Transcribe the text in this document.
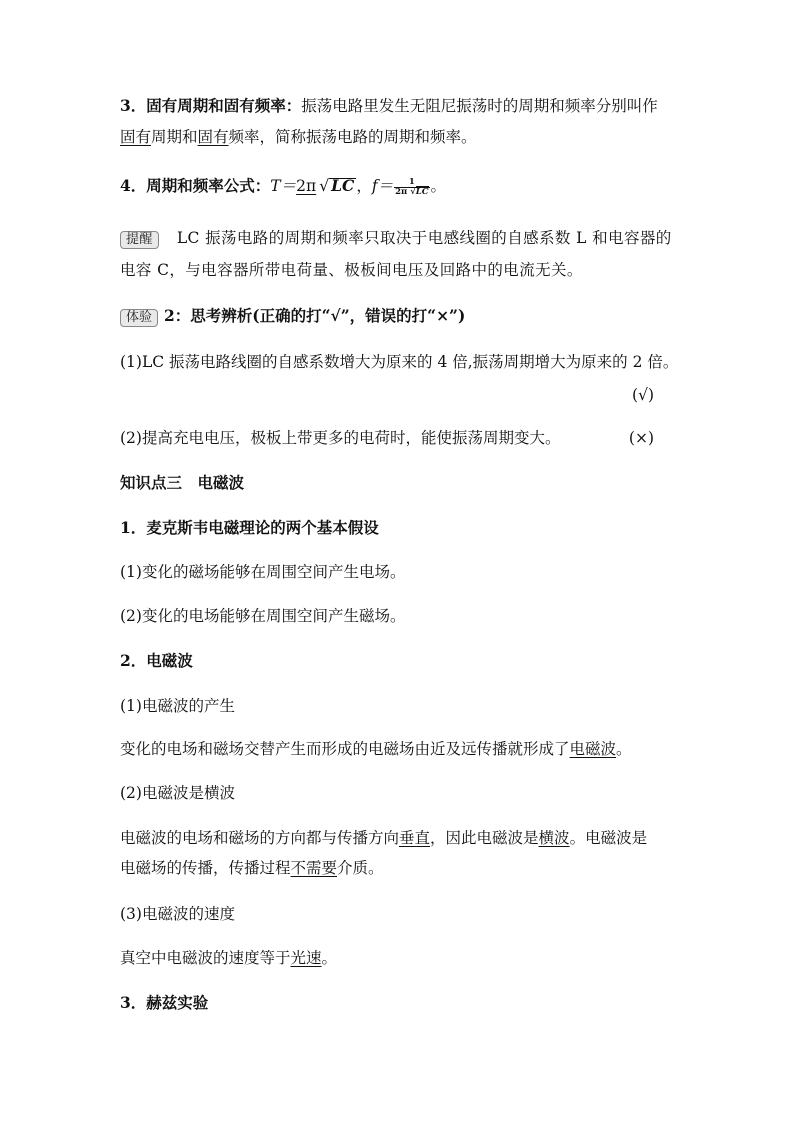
3．固有周期和固有频率：振荡电路里发生无阻尼振荡时的周期和频率分别叫作
固有周期和固有频率，简称振荡电路的周期和频率。
4．周期和频率公式：T＝2π √ LC ，$f= \frac{1}{2\pi √LC}$ 。
提醒 LC 振荡电路的周期和频率只取决于电感线圈的自感系数 L 和电容器的
电容 C，与电容器所带电荷量、极板间电压及回路中的电流无关。
体验 2：思考辨析(正确的打“√”，错误的打“×”)
(1)LC 振荡电路线圈的自感系数增大为原来的 4 倍,振荡周期增大为原来的 2 倍。
(√)
(2)提高充电电压，极板上带更多的电荷时，能使振荡周期变大。	(×)
知识点三　电磁波
1．麦克斯韦电磁理论的两个基本假设
(1)变化的磁场能够在周围空间产生电场。
(2)变化的电场能够在周围空间产生磁场。
2．电磁波
(1)电磁波的产生
变化的电场和磁场交替产生而形成的电磁场由近及远传播就形成了电磁波。
(2)电磁波是横波
电磁波的电场和磁场的方向都与传播方向垂直，因此电磁波是横波。电磁波是
电磁场的传播，传播过程不需要介质。
(3)电磁波的速度
真空中电磁波的速度等于光速。
3．赫兹实验
